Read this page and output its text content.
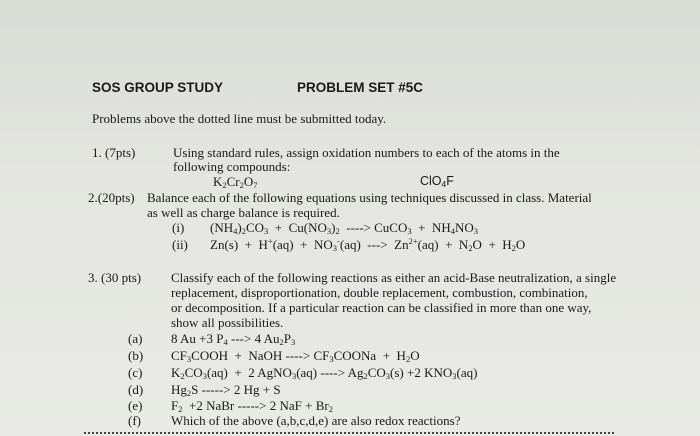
SOS GROUP STUDY	PROBLEM SET #5C
Problems above the dotted line must be submitted today.
1. (7pts)	Using standard rules, assign oxidation numbers to each of the atoms in the
following compounds:
$K_2Cr_2O_7$	ClO$_4$F
2.(20pts) Balance each of the following equations using techniques discussed in class. Material
as well as charge balance is required.
(i) $(NH_4)_2CO_3 + Cu(NO_3)_2$ ----> CuCO$_3$ + $NH_4NO_3$
(ii) $Zn(s) + H^+(aq) + NO_3^-(aq)$ ---> $Zn^{2+}(aq) + N_2O + H_2O$
3. (30 pts) Classify each of the following reactions as either an acid-Base neutralization, a single
replacement, disproportionation, double replacement, combustion, combination,
or decomposition. If a particular reaction can be classified in more than one way,
show all possibilities.
(a) 8 Au +3 $P_4$ ---> 4 $Au_2P_3$
(b) $CF_3COOH$ + NaOH ----> $CF_3COONa + H_2O$
(c) $K_2CO_3(aq) + 2$ AgNO$_3$(aq) ----> $Ag_2CO_3(s) +2$ $KNO_3(aq)$
(d) $Hg_2S$ -----> 2 Hg + S
(e) $F_2 +2$ NaBr -----> 2 NaF + $Br_2$
(f) Which of the above (a,b,c,d,e) are also redox reactions?
